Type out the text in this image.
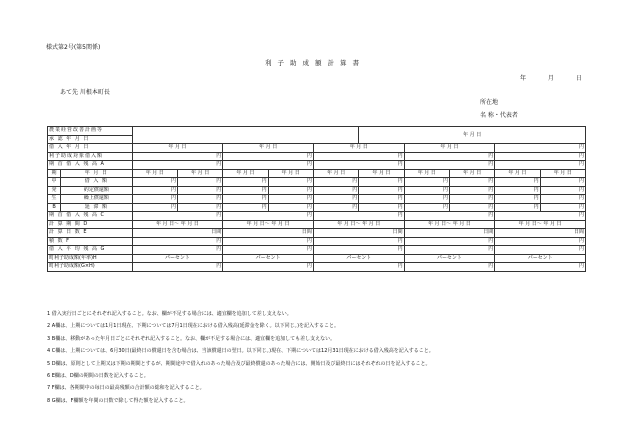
様式第2号(第5関係)
利子助成額計算書
年 月 日
あて先 川根本町長
所在地
名 称・代表者
農業経営改善計画等							年 月 日				
承 認 年 月 日											
借 入 年 月 日		年 月 日		年 月 日		年 月 日		年 月 日		円	
利子助成対象借入額		円		円		円		円		円	
期 首 借 入 残 高 A		円		円		円		円		円	
期	年 月 日	年 月 日	年 月 日	年 月 日	年 月 日	年 月 日	年 月 日	年 月 日	年 月 日	年 月 日	年 月 日
中	借 入 額	円	円	円	円	円	円	円	円	円	円
発	約定償還額	円	円	円	円	円	円	円	円	円	円
生	繰上償還額	円	円	円	円	円	円	円	円	円	円
B	延 滞 額	円	円	円	円	円	円	円	円	円	円
期 首 借 入 残 高 C		円		円		円		円		円	
計 算 期 間 D		年 月 日〜 年 月 日		年 月 日〜 年 月 日		年 月 日〜 年 月 日		年 月 日〜 年 月 日		年 月 日〜 年 月 日	
計 算 日 数 E		日間		日間		日間		日間		日間	
積 数 F		円		円		円		円		円	
借 入 平 均 残 高 G		円		円		円		円		円	
町利子助成額(年率)H		パーセント		パーセント		パーセント		パーセント		パーセント	
町利子助成額(G×H)		円		円		円		円		円	
1 借入実行日ごとにそれぞれ記入すること。なお、欄が不足する場合には、適宜欄を追加して差し支えない。
2 A欄は、上期については1月1日現在、下期については7月1日現在における借入残高(延滞金を除く。以下同じ。)を記入すること。
3 B欄は、移動があった年月日ごとにそれぞれ記入すること。なお、欄が不足する場合には、適宜欄を追加しても差し支えない。
4 C欄は、上期については、6月30日(最終日の償還日を含む場合は、当該償還日の翌日。以下同じ。)現在、下期については12月31日現在における借入残高を記入すること。
5 D欄は、原則として上期又は下期の期間とするが、期間途中で借入れのあった場合及び最終償還のあった場合には、開始日及び最終日にはそれぞれの日を記入すること。
6 E欄は、D欄の期間の日数を記入すること。
7 F欄は、各期間中の毎日の最高残額の合計額の総和を記入すること。
8 G欄は、F欄額を年間の日数で除して得た額を記入すること。
